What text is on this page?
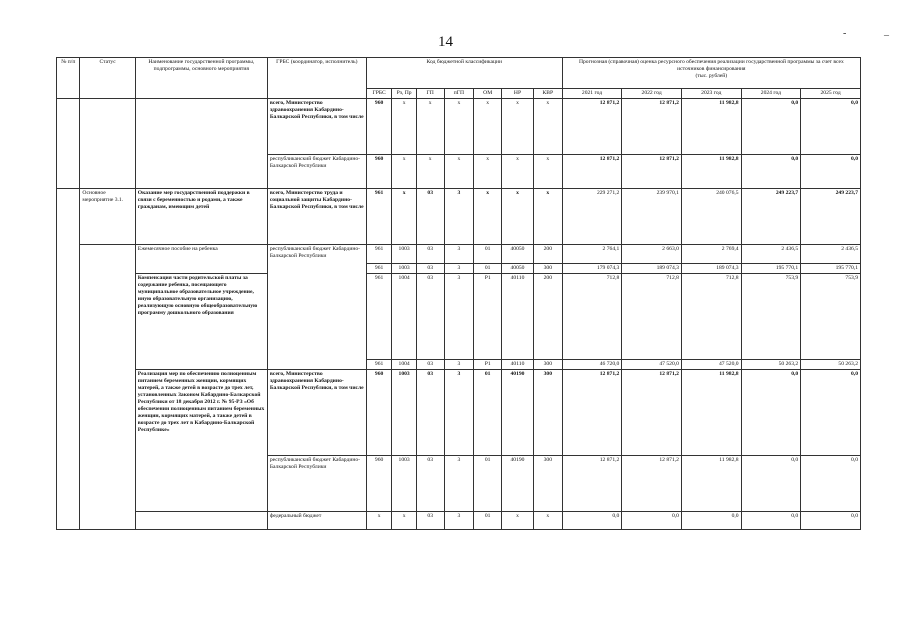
14
-	–
№ п/п	Статус	Наименование государственной программы, подпрограммы, основного мероприятия	ГРБС (координатор, исполнитель)	Код бюджетной классификации							Прогнозная (справочная) оценка ресурсного обеспечения реализации государственной программы за счет всех источников финансирования
(тыс. рублей)				
				ГРБС	Рз, Пр	ГП	пГП	ОМ	НР	КВР	2021 год	2022 год	2023 год	2024 год	2025 год
			всего, Министерство здравоохранения Кабардино-Балкарской Республики, в том числе	960	х	х	х	х	х	х	12 871,2	12 871,2	11 982,8	0,0	0,0
			республиканский бюджет Кабардино-Балкарской Республики	960	х	х	х	х	х	х	12 871,2	12 871,2	11 982,8	0,0	0,0
	Основное мероприятие 3.1.	Оказание мер государственной поддержки в связи с беременностью и родами, а также гражданам, имеющим детей	всего, Министерство труда и социальной защиты Кабардино-Балкарской Республики, в том числе	961	х	03	3	х	х	х	229 271,2	239 970,1	240 076,5	249 223,7	249 223,7
		Ежемесячное пособие на ребенка	республиканский бюджет Кабардино-Балкарской Республики	961	1003	03	3	01	40050	200	2 764,1	2 663,0	2 769,4	2 436,5	2 436,5
				961	1003	03	3	01	40050	300	179 074,3	189 074,3	189 074,3	195 770,1	195 770,1
		Компенсация части родительской платы за содержание ребенка, посещающего муниципальное образовательное учреждение, иную образовательную организацию, реализующую основную общеобразовательную программу дошкольного образования		961	1004	03	3	Р1	40110	200	712,8	712,8	712,8	753,9	753,9
				961	1004	03	3	Р1	40110	300	46 720,0	47 520,0	47 520,0	50 263,2	50 263,2
		Реализация мер по обеспечению полноценным питанием беременных женщин, кормящих матерей, а также детей в возрасте до трех лет, установленных Законом Кабардино-Балкарской Республики от 18 декабря 2012 г. № 95-РЗ «Об обеспечении полноценным питанием беременных женщин, кормящих матерей, а также детей в возрасте до трех лет в Кабардино-Балкарской Республике»	всего, Министерство здравоохранения Кабардино-Балкарской Республики, в том числе	960	1003	03	3	01	40190	300	12 871,2	12 871,2	11 982,8	0,0	0,0
			республиканский бюджет Кабардино-Балкарской Республики	960	1003	03	3	01	40190	300	12 871,2	12 871,2	11 982,8	0,0	0,0
			федеральный бюджет	х	х	03	3	01	х	х	0,0	0,0	0,0	0,0	0,0
